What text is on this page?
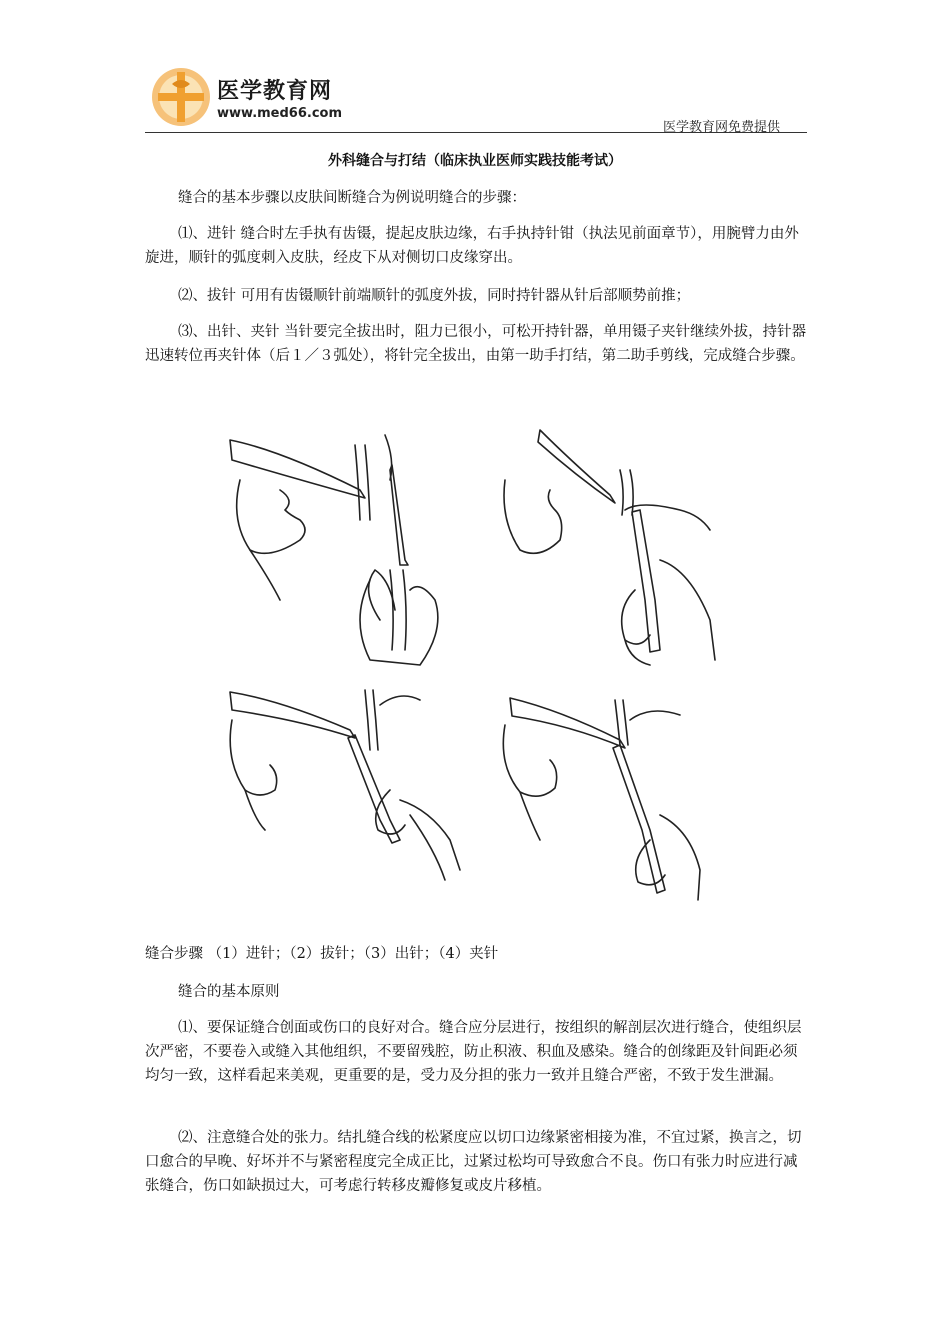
医学教育网
www.med66.com
医学教育网免费提供
外科缝合与打结（临床执业医师实践技能考试）

缝合的基本步骤以皮肤间断缝合为例说明缝合的步骤：

⑴、进针 缝合时左手执有齿镊，提起皮肤边缘，右手执持针钳（执法见前面章节），用腕臂力由外旋进，顺针的弧度刺入皮肤，经皮下从对侧切口皮缘穿出。

⑵、拔针 可用有齿镊顺针前端顺针的弧度外拔，同时持针器从针后部顺势前推；

⑶、出针、夹针 当针要完全拔出时，阻力已很小，可松开持针器，单用镊子夹针继续外拔，持针器迅速转位再夹针体（后１／３弧处），将针完全拔出，由第一助手打结，第二助手剪线，完成缝合步骤。

缝合步骤 （1）进针；（2）拔针；（3）出针；（4）夹针

缝合的基本原则

⑴、要保证缝合创面或伤口的良好对合。缝合应分层进行，按组织的解剖层次进行缝合，使组织层次严密，不要卷入或缝入其他组织，不要留残腔，防止积液、积血及感染。缝合的创缘距及针间距必须均匀一致，这样看起来美观，更重要的是，受力及分担的张力一致并且缝合严密，不致于发生泄漏。

⑵、注意缝合处的张力。结扎缝合线的松紧度应以切口边缘紧密相接为准，不宜过紧，换言之，切口愈合的早晚、好坏并不与紧密程度完全成正比，过紧过松均可导致愈合不良。伤口有张力时应进行减张缝合，伤口如缺损过大，可考虑行转移皮瓣修复或皮片移植。
